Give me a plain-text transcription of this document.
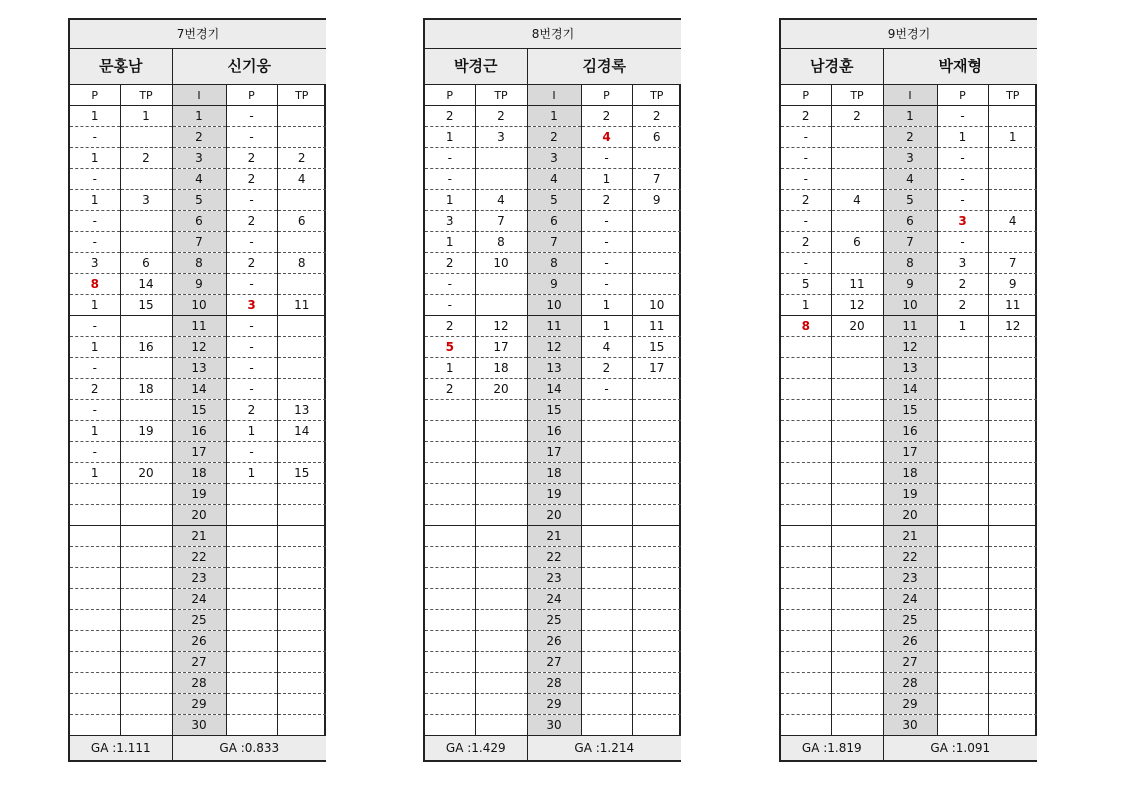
7번경기				
문홍남		신기웅		
P	TP	I	P	TP
1	1	1	-	
-		2	-	
1	2	3	2	2
-		4	2	4
1	3	5	-	
-		6	2	6
-		7	-	
3	6	8	2	8
8	14	9	-	
1	15	10	3	11
-		11	-	
1	16	12	-	
-		13	-	
2	18	14	-	
-		15	2	13
1	19	16	1	14
-		17	-	
1	20	18	1	15
		19		
		20		
		21		
		22		
		23		
		24		
		25		
		26		
		27		
		28		
		29		
		30		
GA :1.111		GA :0.833		
8번경기				
박경근		김경록		
P	TP	I	P	TP
2	2	1	2	2
1	3	2	4	6
-		3	-	
-		4	1	7
1	4	5	2	9
3	7	6	-	
1	8	7	-	
2	10	8	-	
-		9	-	
-		10	1	10
2	12	11	1	11
5	17	12	4	15
1	18	13	2	17
2	20	14	-	
		15		
		16		
		17		
		18		
		19		
		20		
		21		
		22		
		23		
		24		
		25		
		26		
		27		
		28		
		29		
		30		
GA :1.429		GA :1.214		
9번경기				
남경훈		박재형		
P	TP	I	P	TP
2	2	1	-	
-		2	1	1
-		3	-	
-		4	-	
2	4	5	-	
-		6	3	4
2	6	7	-	
-		8	3	7
5	11	9	2	9
1	12	10	2	11
8	20	11	1	12
		12		
		13		
		14		
		15		
		16		
		17		
		18		
		19		
		20		
		21		
		22		
		23		
		24		
		25		
		26		
		27		
		28		
		29		
		30		
GA :1.819		GA :1.091		
